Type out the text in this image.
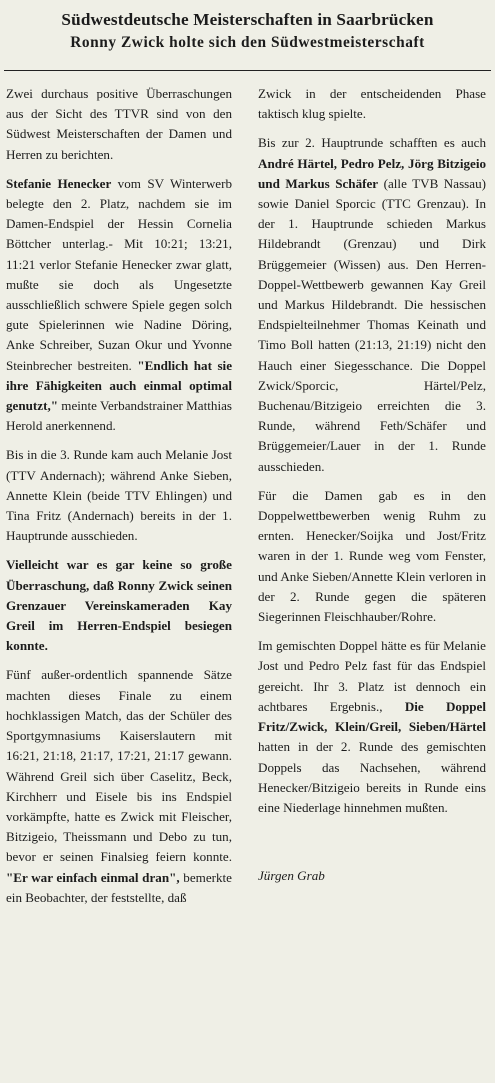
Südwestdeutsche Meisterschaften in Saarbrücken
Ronny Zwick holte sich den Südwestmeisterschaft

Zwei durchaus positive Überraschungen aus der Sicht des TTVR sind von den Südwest Meisterschaften der Damen und Herren zu berichten.

Stefanie Henecker vom SV Winterwerb belegte den 2. Platz, nachdem sie im Damen-Endspiel der Hessin Cornelia Böttcher unterlag.- Mit 10:21; 13:21, 11:21 verlor Stefanie Henecker zwar glatt, mußte sie doch als Ungesetzte ausschließlich schwere Spiele gegen solch gute Spielerinnen wie Nadine Döring, Anke Schreiber, Suzan Okur und Yvonne Steinbrecher bestreiten. "Endlich hat sie ihre Fähigkeiten auch einmal optimal genutzt," meinte Verbandstrainer Matthias Herold anerkennend.

Bis in die 3. Runde kam auch Melanie Jost (TTV Andernach); während Anke Sieben, Annette Klein (beide TTV Ehlingen) und Tina Fritz (Andernach) bereits in der 1. Hauptrunde ausschieden.

Vielleicht war es gar keine so große Überraschung, daß Ronny Zwick seinen Grenzauer Vereinskameraden Kay Greil im Herren-Endspiel besiegen konnte.

Fünf außer-ordentlich spannende Sätze machten dieses Finale zu einem hochklassigen Match, das der Schüler des Sportgymnasiums Kaiserslautern mit 16:21, 21:18, 21:17, 17:21, 21:17 gewann. Während Greil sich über Caselitz, Beck, Kirchherr und Eisele bis ins Endspiel vorkämpfte, hatte es Zwick mit Fleischer, Bitzigeio, Theissmann und Debo zu tun, bevor er seinen Finalsieg feiern konnte. "Er war einfach einmal dran", bemerkte ein Beobachter, der feststellte, daß

Zwick in der entscheidenden Phase taktisch klug spielte.

Bis zur 2. Hauptrunde schafften es auch André Härtel, Pedro Pelz, Jörg Bitzigeio und Markus Schäfer (alle TVB Nassau) sowie Daniel Sporcic (TTC Grenzau). In der 1. Hauptrunde schieden Markus Hildebrandt (Grenzau) und Dirk Brüggemeier (Wissen) aus. Den Herren-Doppel-Wettbewerb gewannen Kay Greil und Markus Hildebrandt. Die hessischen Endspielteilnehmer Thomas Keinath und Timo Boll hatten (21:13, 21:19) nicht den Hauch einer Siegesschance. Die Doppel Zwick/Sporcic, Härtel/Pelz, Buchenau/Bitzigeio erreichten die 3. Runde, während Feth/Schäfer und Brüggemeier/Lauer in der 1. Runde ausschieden.

Für die Damen gab es in den Doppelwettbewerben wenig Ruhm zu ernten. Henecker/Soijka und Jost/Fritz waren in der 1. Runde weg vom Fenster, und Anke Sieben/Annette Klein verloren in der 2. Runde gegen die späteren Siegerinnen Fleischhauber/Rohre.

Im gemischten Doppel hätte es für Melanie Jost und Pedro Pelz fast für das Endspiel gereicht. Ihr 3. Platz ist dennoch ein achtbares Ergebnis., Die Doppel Fritz/Zwick, Klein/Greil, Sieben/Härtel hatten in der 2. Runde des gemischten Doppels das Nachsehen, während Henecker/Bitzigeio bereits in Runde eins eine Niederlage hinnehmen mußten.

Jürgen Grab
